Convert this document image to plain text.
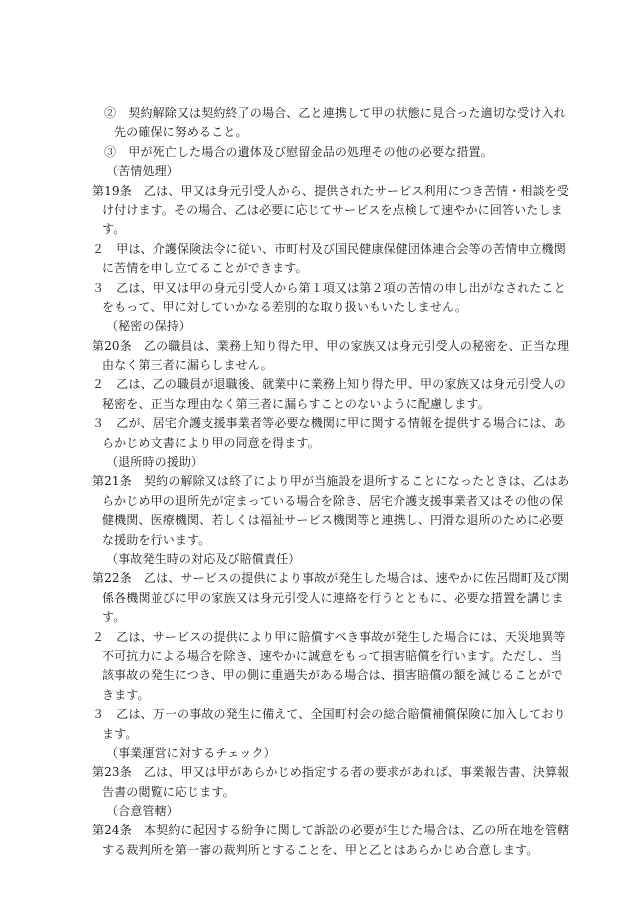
②　契約解除又は契約終了の場合、乙と連携して甲の状態に見合った適切な受け入れ
先の確保に努めること。
③　甲が死亡した場合の遺体及び慰留金品の処理その他の必要な措置。
（苦情処理）
第19条　乙は、甲又は身元引受人から、提供されたサービス利用につき苦情・相談を受
け付けます。その場合、乙は必要に応じてサービスを点検して速やかに回答いたしま
す。
２　甲は、介護保険法令に従い、市町村及び国民健康保健団体連合会等の苦情申立機関
に苦情を申し立てることができます。
３　乙は、甲又は甲の身元引受人から第１項又は第２項の苦情の申し出がなされたこと
をもって、甲に対していかなる差別的な取り扱いもいたしません。
（秘密の保持）
第20条　乙の職員は、業務上知り得た甲、甲の家族又は身元引受人の秘密を、正当な理
由なく第三者に漏らしません。
２　乙は、乙の職員が退職後、就業中に業務上知り得た甲、甲の家族又は身元引受人の
秘密を、正当な理由なく第三者に漏らすことのないように配慮します。
３　乙が、居宅介護支援事業者等必要な機関に甲に関する情報を提供する場合には、あ
らかじめ文書により甲の同意を得ます。
（退所時の援助）
第21条　契約の解除又は終了により甲が当施設を退所することになったときは、乙はあ
らかじめ甲の退所先が定まっている場合を除き、居宅介護支援事業者又はその他の保
健機関、医療機関、若しくは福祉サービス機関等と連携し、円滑な退所のために必要
な援助を行います。
（事故発生時の対応及び賠償責任）
第22条　乙は、サービスの提供により事故が発生した場合は、速やかに佐呂間町及び関
係各機関並びに甲の家族又は身元引受人に連絡を行うとともに、必要な措置を講じま
す。
２　乙は、サービスの提供により甲に賠償すべき事故が発生した場合には、天災地異等
不可抗力による場合を除き、速やかに誠意をもって損害賠償を行います。ただし、当
該事故の発生につき、甲の側に重過失がある場合は、損害賠償の額を減じることがで
きます。
３　乙は、万一の事故の発生に備えて、全国町村会の総合賠償補償保険に加入しており
ます。
（事業運営に対するチェック）
第23条　乙は、甲又は甲があらかじめ指定する者の要求があれば、事業報告書、決算報
告書の閲覧に応じます。
（合意管轄）
第24条　本契約に起因する紛争に関して訴訟の必要が生じた場合は、乙の所在地を管轄
する裁判所を第一審の裁判所とすることを、甲と乙とはあらかじめ合意します。
